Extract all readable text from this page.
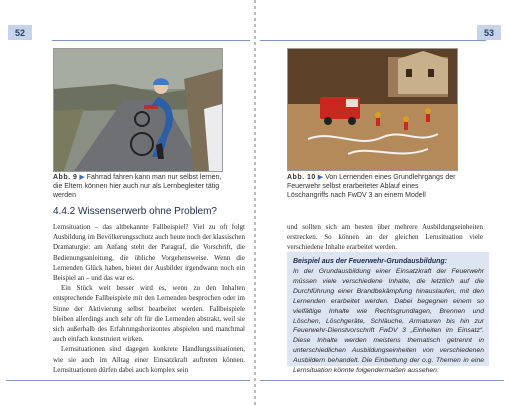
52
Abb. 9 ▶ Fahrrad fahren kann man nur selbst lernen, die Eltern können hier auch nur als Lernbegleiter tätig werden
4.4.2 Wissenserwerb ohne Problem?

Lernsituation – das altbekannte Fallbeispiel? Viel zu oft folgt Ausbildung im Bevölkerungsschutz auch heute noch der klassischen Dramaturgie: am Anfang steht der Paragraf, die Vorschrift, die Bedienungsanleitung, die übliche Vorgehensweise. Wenn die Lernenden Glück haben, bietet der Ausbilder irgendwann noch ein Beispiel an – und das war es.

Ein Stück weit besser wird es, wenn zu den Inhalten entsprechende Fallbeispiele mit den Lernenden besprochen oder im Sinne der Aktivierung selbst bearbeitet werden. Fallbeispiele bleiben allerdings auch sehr oft für die Lernenden abstrakt, weil sie sich außerhalb des Erfahrungshorizontes abspielen und manchmal auch einfach konstruiert wirken.

Lernsituationen sind dagegen konkrete Handlungssituationen, wie sie auch im Alltag einer Einsatzkraft auftreten können. Lernsituationen dürfen dabei auch komplex sein

53
Abb. 10 ▶ Von Lernenden eines Grundlehrgangs der Feuerwehr selbst erarbeiteter Ablauf eines Löschangriffs nach FwDV 3 an einem Modell

und sollten sich am besten über mehrere Ausbildungseinheiten erstrecken. So können an der gleichen Lernsituation viele verschiedene Inhalte erarbeitet werden.

Beispiel aus der Feuerwehr-Grundausbildung:
In der Grundausbildung einer Einsatzkraft der Feuerwehr müssen viele verschiedene Inhalte, die letztlich auf die Durchführung einer Brandbekämpfung hinauslaufen, mit den Lernenden erarbeitet werden. Dabei begegnen einem so vielfältige Inhalte wie Rechtsgrundlagen, Brennen und Löschen, Löschgeräte, Schläuche, Armaturen bis hin zur Feuerwehr-Dienstvorschrift FwDV 3 „Einheiten im Einsatz“. Diese Inhalte werden meistens thematisch getrennt in unterschiedlichen Ausbildungseinheiten von verschiedenen Ausbildern behandelt. Die Einbettung der o.g. Themen in eine Lernsituation könnte folgendermaßen aussehen:
